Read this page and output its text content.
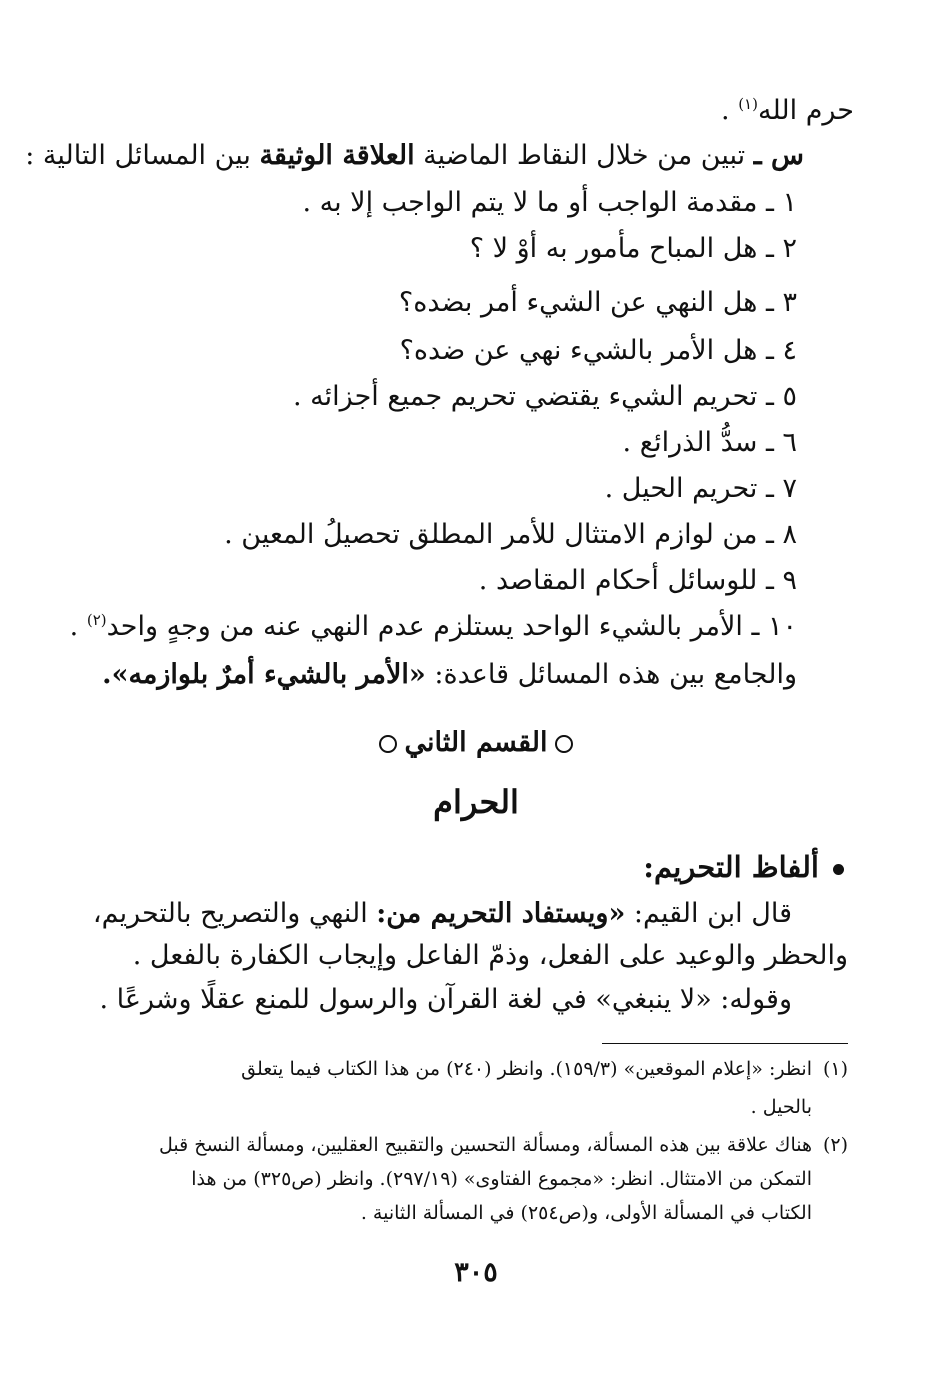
حرم الله$^{(١)}$ .
س ـ تبين من خلال النقاط الماضية العلاقة الوثيقة بين المسائل التالية :
١ ـ مقدمة الواجب أو ما لا يتم الواجب إلا به .
٢ ـ هل المباح مأمور به أوْ لا ؟
٣ ـ هل النهي عن الشيء أمر بضده؟
٤ ـ هل الأمر بالشيء نهي عن ضده؟
٥ ـ تحريم الشيء يقتضي تحريم جميع أجزائه .
٦ ـ سدُّ الذرائع .
٧ ـ تحريم الحيل .
٨ ـ من لوازم الامتثال للأمر المطلق تحصيلُ المعين .
٩ ـ للوسائل أحكام المقاصد .
١٠ ـ الأمر بالشيء الواحد يستلزم عدم النهي عنه من وجهٍ واحد$^{(٢)}$ .
والجامع بين هذه المسائل قاعدة: «الأمر بالشيء أمرٌ بلوازمه».
القسم الثاني
الحرام
ألفاظ التحريم:
قال ابن القيم: «ويستفاد التحريم من: النهي والتصريح بالتحريم،
والحظر والوعيد على الفعل، وذمّ الفاعل وإيجاب الكفارة بالفعل .
وقوله: «لا ينبغي» في لغة القرآن والرسول للمنع عقلًا وشرعًا .
(١)
انظر: «إعلام الموقعين» (١٥٩/٣). وانظر (٢٤٠) من هذا الكتاب فيما يتعلق
بالحيل .
(٢)
هناك علاقة بين هذه المسألة، ومسألة التحسين والتقبيح العقليين، ومسألة النسخ قبل
التمكن من الامتثال. انظر: «مجموع الفتاوى» (٢٩٧/١٩). وانظر (ص٣٢٥) من هذا
الكتاب في المسألة الأولى، و(ص٢٥٤) في المسألة الثانية .
٣٠٥
